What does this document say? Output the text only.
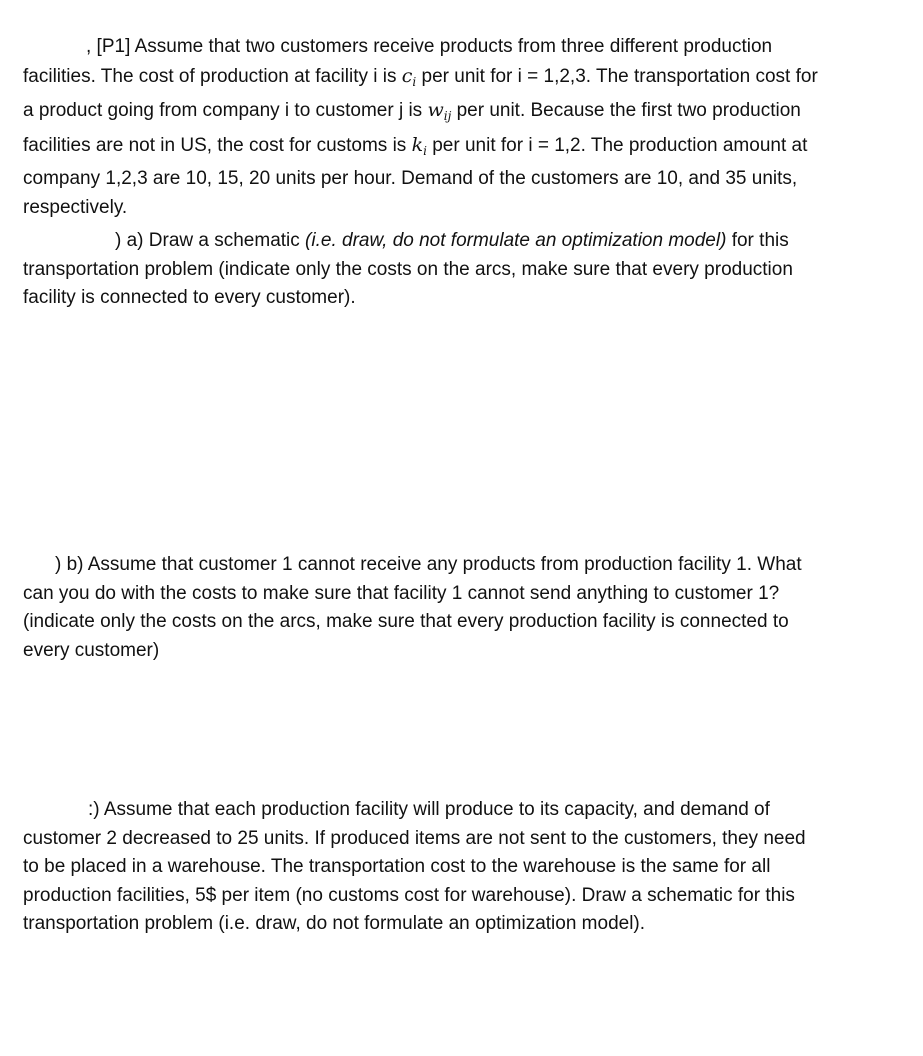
, [P1] Assume that two customers receive products from three different production
facilities. The cost of production at facility i is $c_i$ per unit for i = 1,2,3. The transportation cost for
a product going from company i to customer j is $w_{ij}$ per unit. Because the first two production
facilities are not in US, the cost for customs is $k_i$ per unit for i = 1,2. The production amount at
company 1,2,3 are 10, 15, 20 units per hour. Demand of the customers are 10, and 35 units,
respectively.
) a) Draw a schematic (i.e. draw, do not formulate an optimization model) for this
transportation problem (indicate only the costs on the arcs, make sure that every production
facility is connected to every customer).
) b) Assume that customer 1 cannot receive any products from production facility 1. What
can you do with the costs to make sure that facility 1 cannot send anything to customer 1?
(indicate only the costs on the arcs, make sure that every production facility is connected to
every customer)
:) Assume that each production facility will produce to its capacity, and demand of
customer 2 decreased to 25 units. If produced items are not sent to the customers, they need
to be placed in a warehouse. The transportation cost to the warehouse is the same for all
production facilities, 5$ per item (no customs cost for warehouse). Draw a schematic for this
transportation problem (i.e. draw, do not formulate an optimization model).
